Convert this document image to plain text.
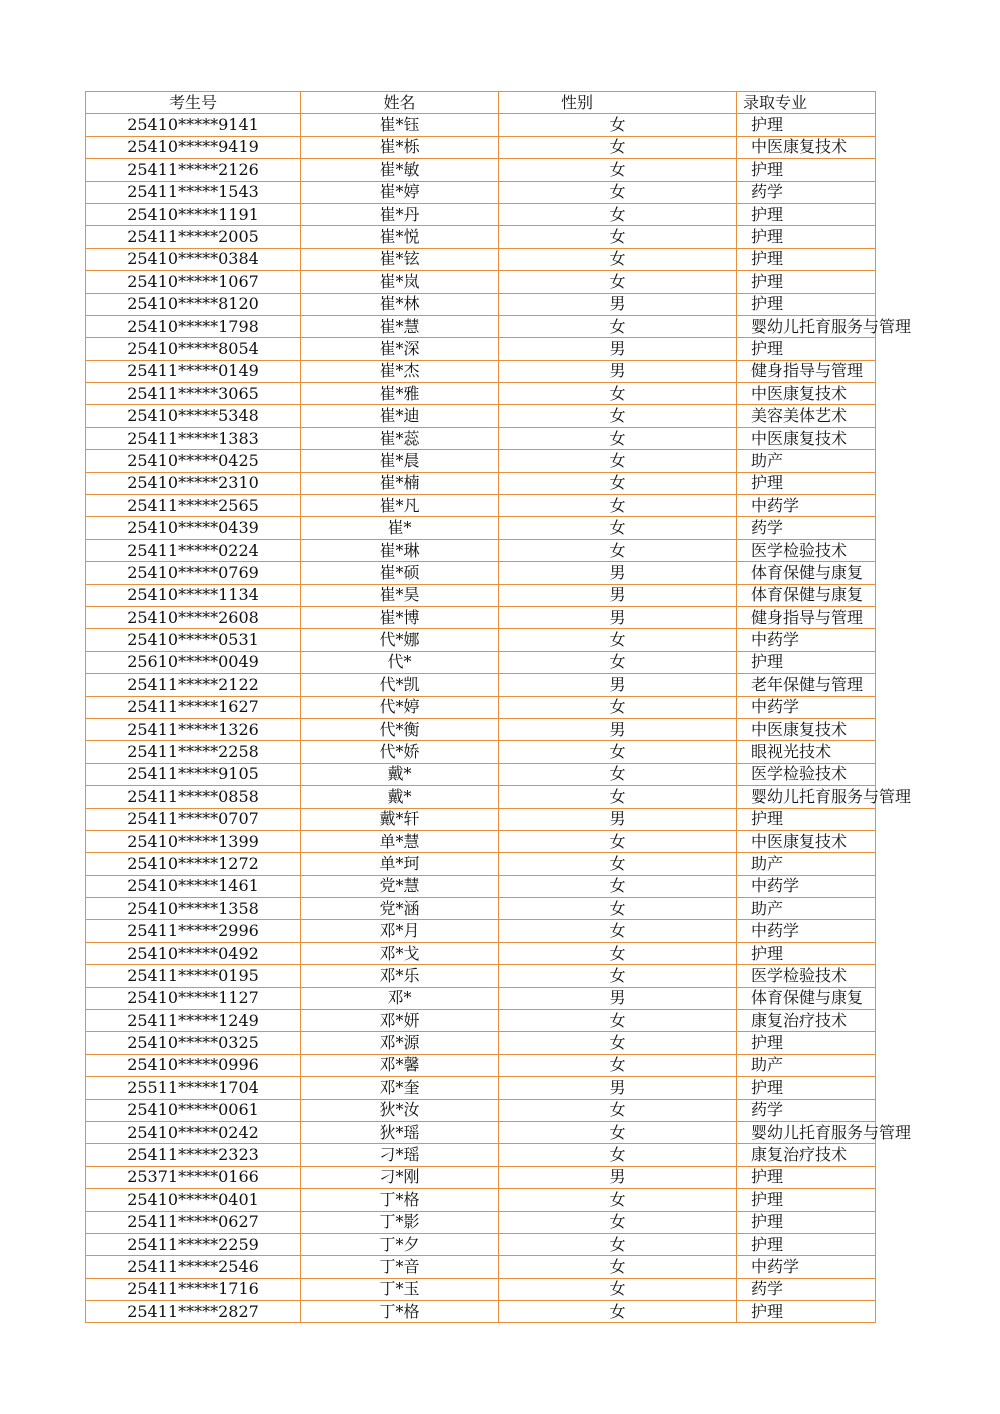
考生号	姓名	性别	录取专业
25410*****9141	崔*钰	女	护理
25410*****9419	崔*栎	女	中医康复技术
25411*****2126	崔*敏	女	护理
25411*****1543	崔*婷	女	药学
25410*****1191	崔*丹	女	护理
25411*****2005	崔*悦	女	护理
25410*****0384	崔*铉	女	护理
25410*****1067	崔*岚	女	护理
25410*****8120	崔*林	男	护理
25410*****1798	崔*慧	女	婴幼儿托育服务与管理
25410*****8054	崔*深	男	护理
25411*****0149	崔*杰	男	健身指导与管理
25411*****3065	崔*雅	女	中医康复技术
25410*****5348	崔*迪	女	美容美体艺术
25411*****1383	崔*蕊	女	中医康复技术
25410*****0425	崔*晨	女	助产
25410*****2310	崔*楠	女	护理
25411*****2565	崔*凡	女	中药学
25410*****0439	崔*	女	药学
25411*****0224	崔*琳	女	医学检验技术
25410*****0769	崔*硕	男	体育保健与康复
25410*****1134	崔*昊	男	体育保健与康复
25410*****2608	崔*博	男	健身指导与管理
25410*****0531	代*娜	女	中药学
25610*****0049	代*	女	护理
25411*****2122	代*凯	男	老年保健与管理
25411*****1627	代*婷	女	中药学
25411*****1326	代*衡	男	中医康复技术
25411*****2258	代*娇	女	眼视光技术
25411*****9105	戴*	女	医学检验技术
25411*****0858	戴*	女	婴幼儿托育服务与管理
25411*****0707	戴*轩	男	护理
25410*****1399	单*慧	女	中医康复技术
25410*****1272	单*珂	女	助产
25410*****1461	党*慧	女	中药学
25410*****1358	党*涵	女	助产
25411*****2996	邓*月	女	中药学
25410*****0492	邓*戈	女	护理
25411*****0195	邓*乐	女	医学检验技术
25410*****1127	邓*	男	体育保健与康复
25411*****1249	邓*妍	女	康复治疗技术
25410*****0325	邓*源	女	护理
25410*****0996	邓*馨	女	助产
25511*****1704	邓*奎	男	护理
25410*****0061	狄*汝	女	药学
25410*****0242	狄*瑶	女	婴幼儿托育服务与管理
25411*****2323	刁*瑶	女	康复治疗技术
25371*****0166	刁*刚	男	护理
25410*****0401	丁*格	女	护理
25411*****0627	丁*影	女	护理
25411*****2259	丁*夕	女	护理
25411*****2546	丁*音	女	中药学
25411*****1716	丁*玉	女	药学
25411*****2827	丁*格	女	护理
